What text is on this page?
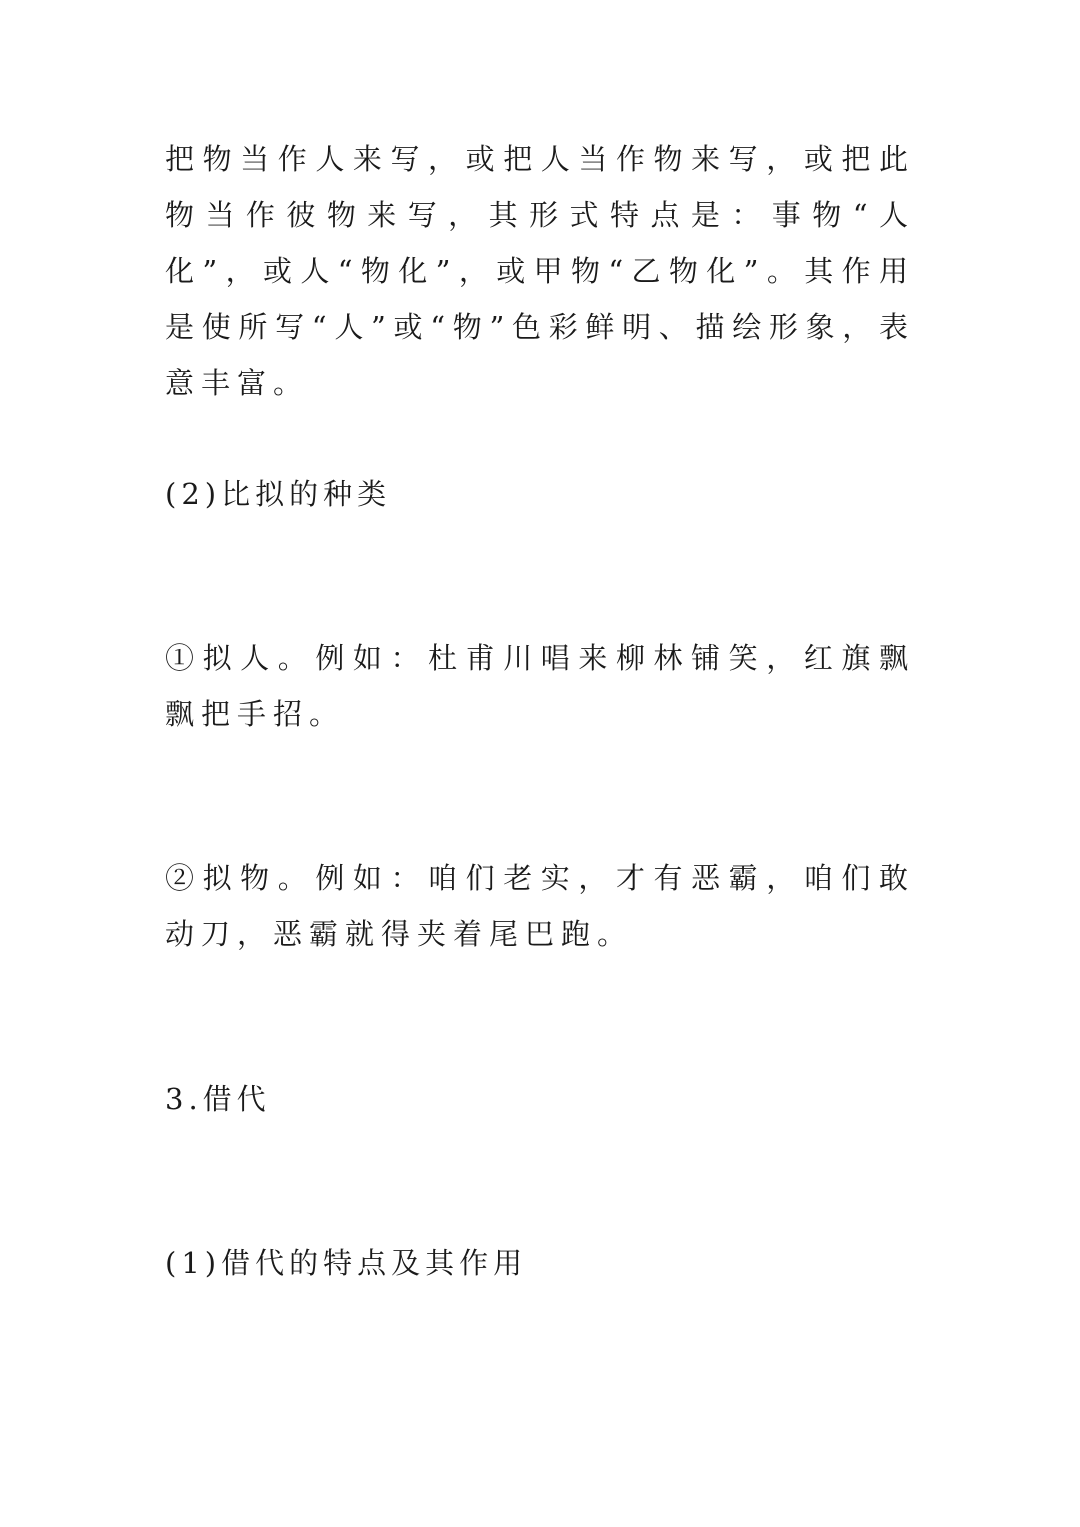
把物当作人来写，或把人当作物来写，或把此物当作彼物来写，其形式特点是：事物“人化”，或人“物化”，或甲物“乙物化”。其作用是使所写“人”或“物”色彩鲜明、描绘形象，表意丰富。

(2)比拟的种类

①拟人。例如：杜甫川唱来柳林铺笑，红旗飘飘把手招。

②拟物。例如：咱们老实，才有恶霸，咱们敢动刀，恶霸就得夹着尾巴跑。

3.借代

(1)借代的特点及其作用
